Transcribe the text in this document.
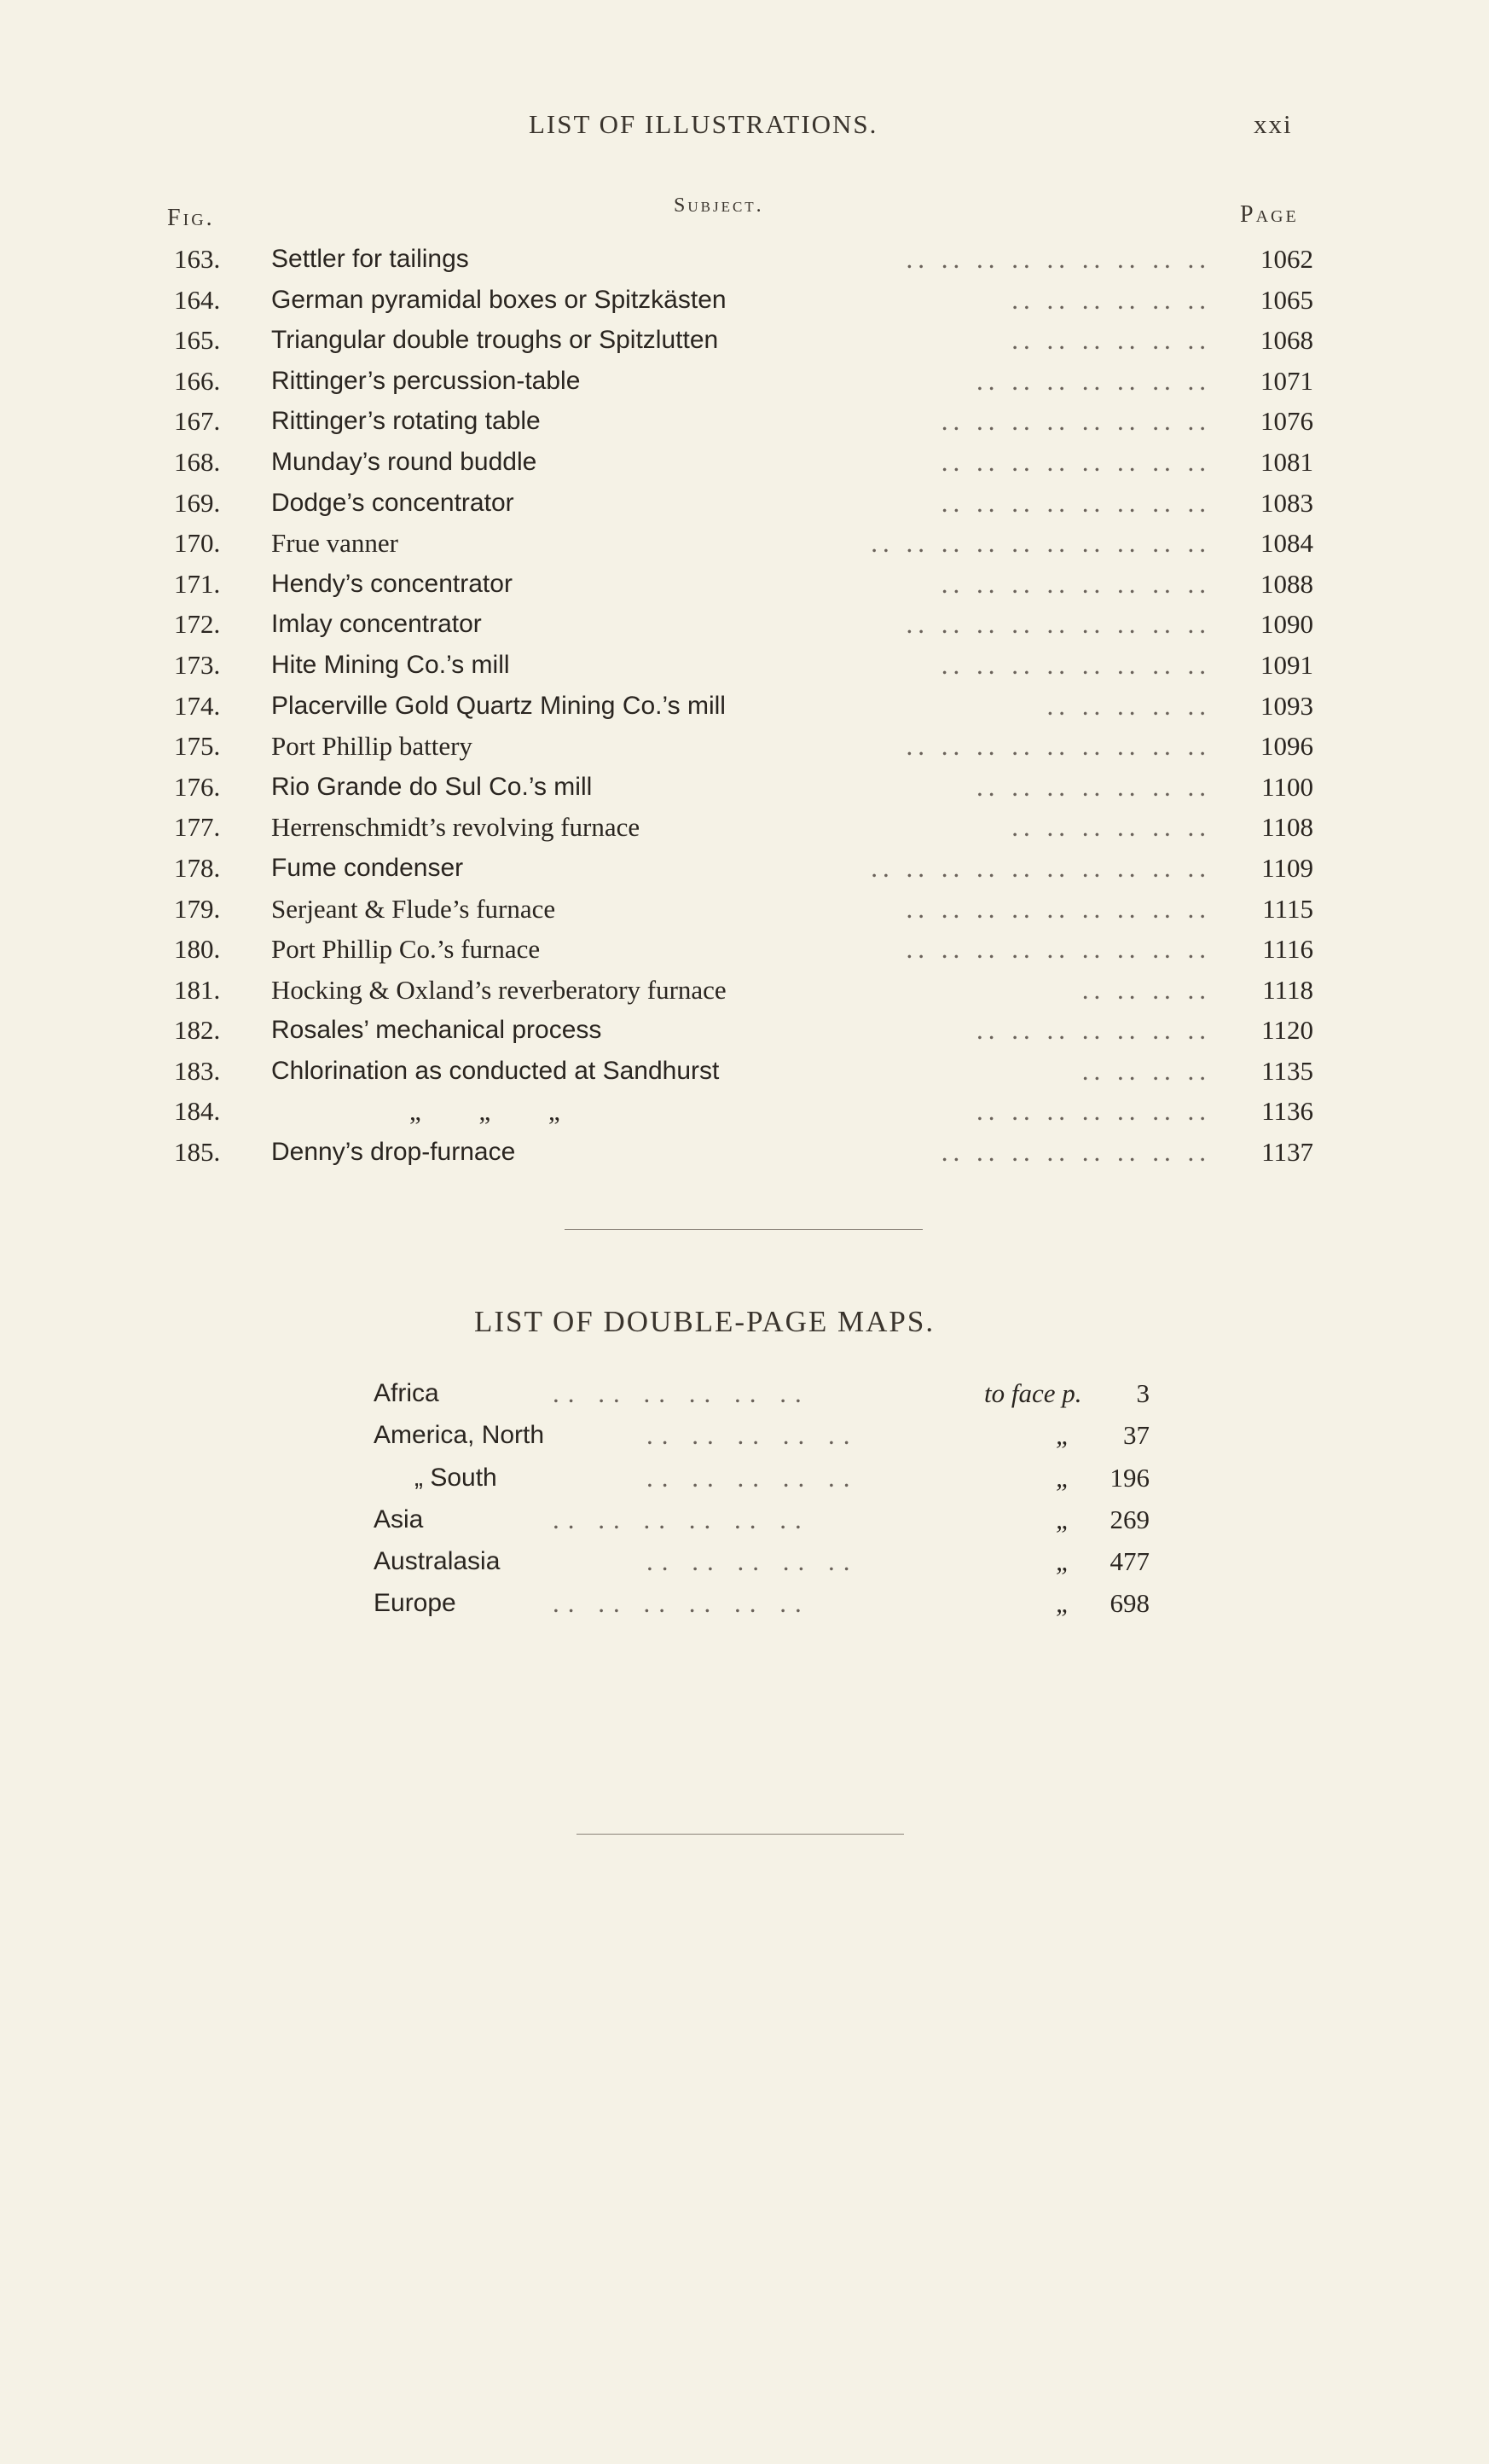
LIST OF ILLUSTRATIONS.	xxi
Fig.	Subject.	Page
163.	Settler for tailings	.. .. .. .. .. .. .. .. ..	1062
164.	German pyramidal boxes or Spitzkästen	.. .. .. .. .. ..	1065
165.	Triangular double troughs or Spitzlutten	.. .. .. .. .. ..	1068
166.	Rittinger’s percussion-table	.. .. .. .. .. .. ..	1071
167.	Rittinger’s rotating table	.. .. .. .. .. .. .. ..	1076
168.	Munday’s round buddle	.. .. .. .. .. .. .. ..	1081
169.	Dodge’s concentrator	.. .. .. .. .. .. .. ..	1083
170.	Frue vanner	.. .. .. .. .. .. .. .. .. ..	1084
171.	Hendy’s concentrator	.. .. .. .. .. .. .. ..	1088
172.	Imlay concentrator	.. .. .. .. .. .. .. .. ..	1090
173.	Hite Mining Co.’s mill	.. .. .. .. .. .. .. ..	1091
174.	Placerville Gold Quartz Mining Co.’s mill	.. .. .. .. ..	1093
175.	Port Phillip battery	.. .. .. .. .. .. .. .. ..	1096
176.	Rio Grande do Sul Co.’s mill	.. .. .. .. .. .. ..	1100
177.	Herrenschmidt’s revolving furnace	.. .. .. .. .. ..	1108
178.	Fume condenser	.. .. .. .. .. .. .. .. .. ..	1109
179.	Serjeant & Flude’s furnace	.. .. .. .. .. .. .. .. ..	1115
180.	Port Phillip Co.’s furnace	.. .. .. .. .. .. .. .. ..	1116
181.	Hocking & Oxland’s reverberatory furnace	.. .. .. ..	1118
182.	Rosales’ mechanical process	.. .. .. .. .. .. ..	1120
183.	Chlorination as conducted at Sandhurst	.. .. .. ..	1135
184.	„ „ „	.. .. .. .. .. .. ..	1136
185.	Denny’s drop-furnace	.. .. .. .. .. .. .. ..	1137
LIST OF DOUBLE-PAGE MAPS.
Africa	.. .. .. .. .. ..	to face p.	3
America, North	.. .. .. .. ..	„	37
„ South	.. .. .. .. ..	„	196
Asia	.. .. .. .. .. ..	„	269
Australasia	.. .. .. .. ..	„	477
Europe	.. .. .. .. .. ..	„	698
